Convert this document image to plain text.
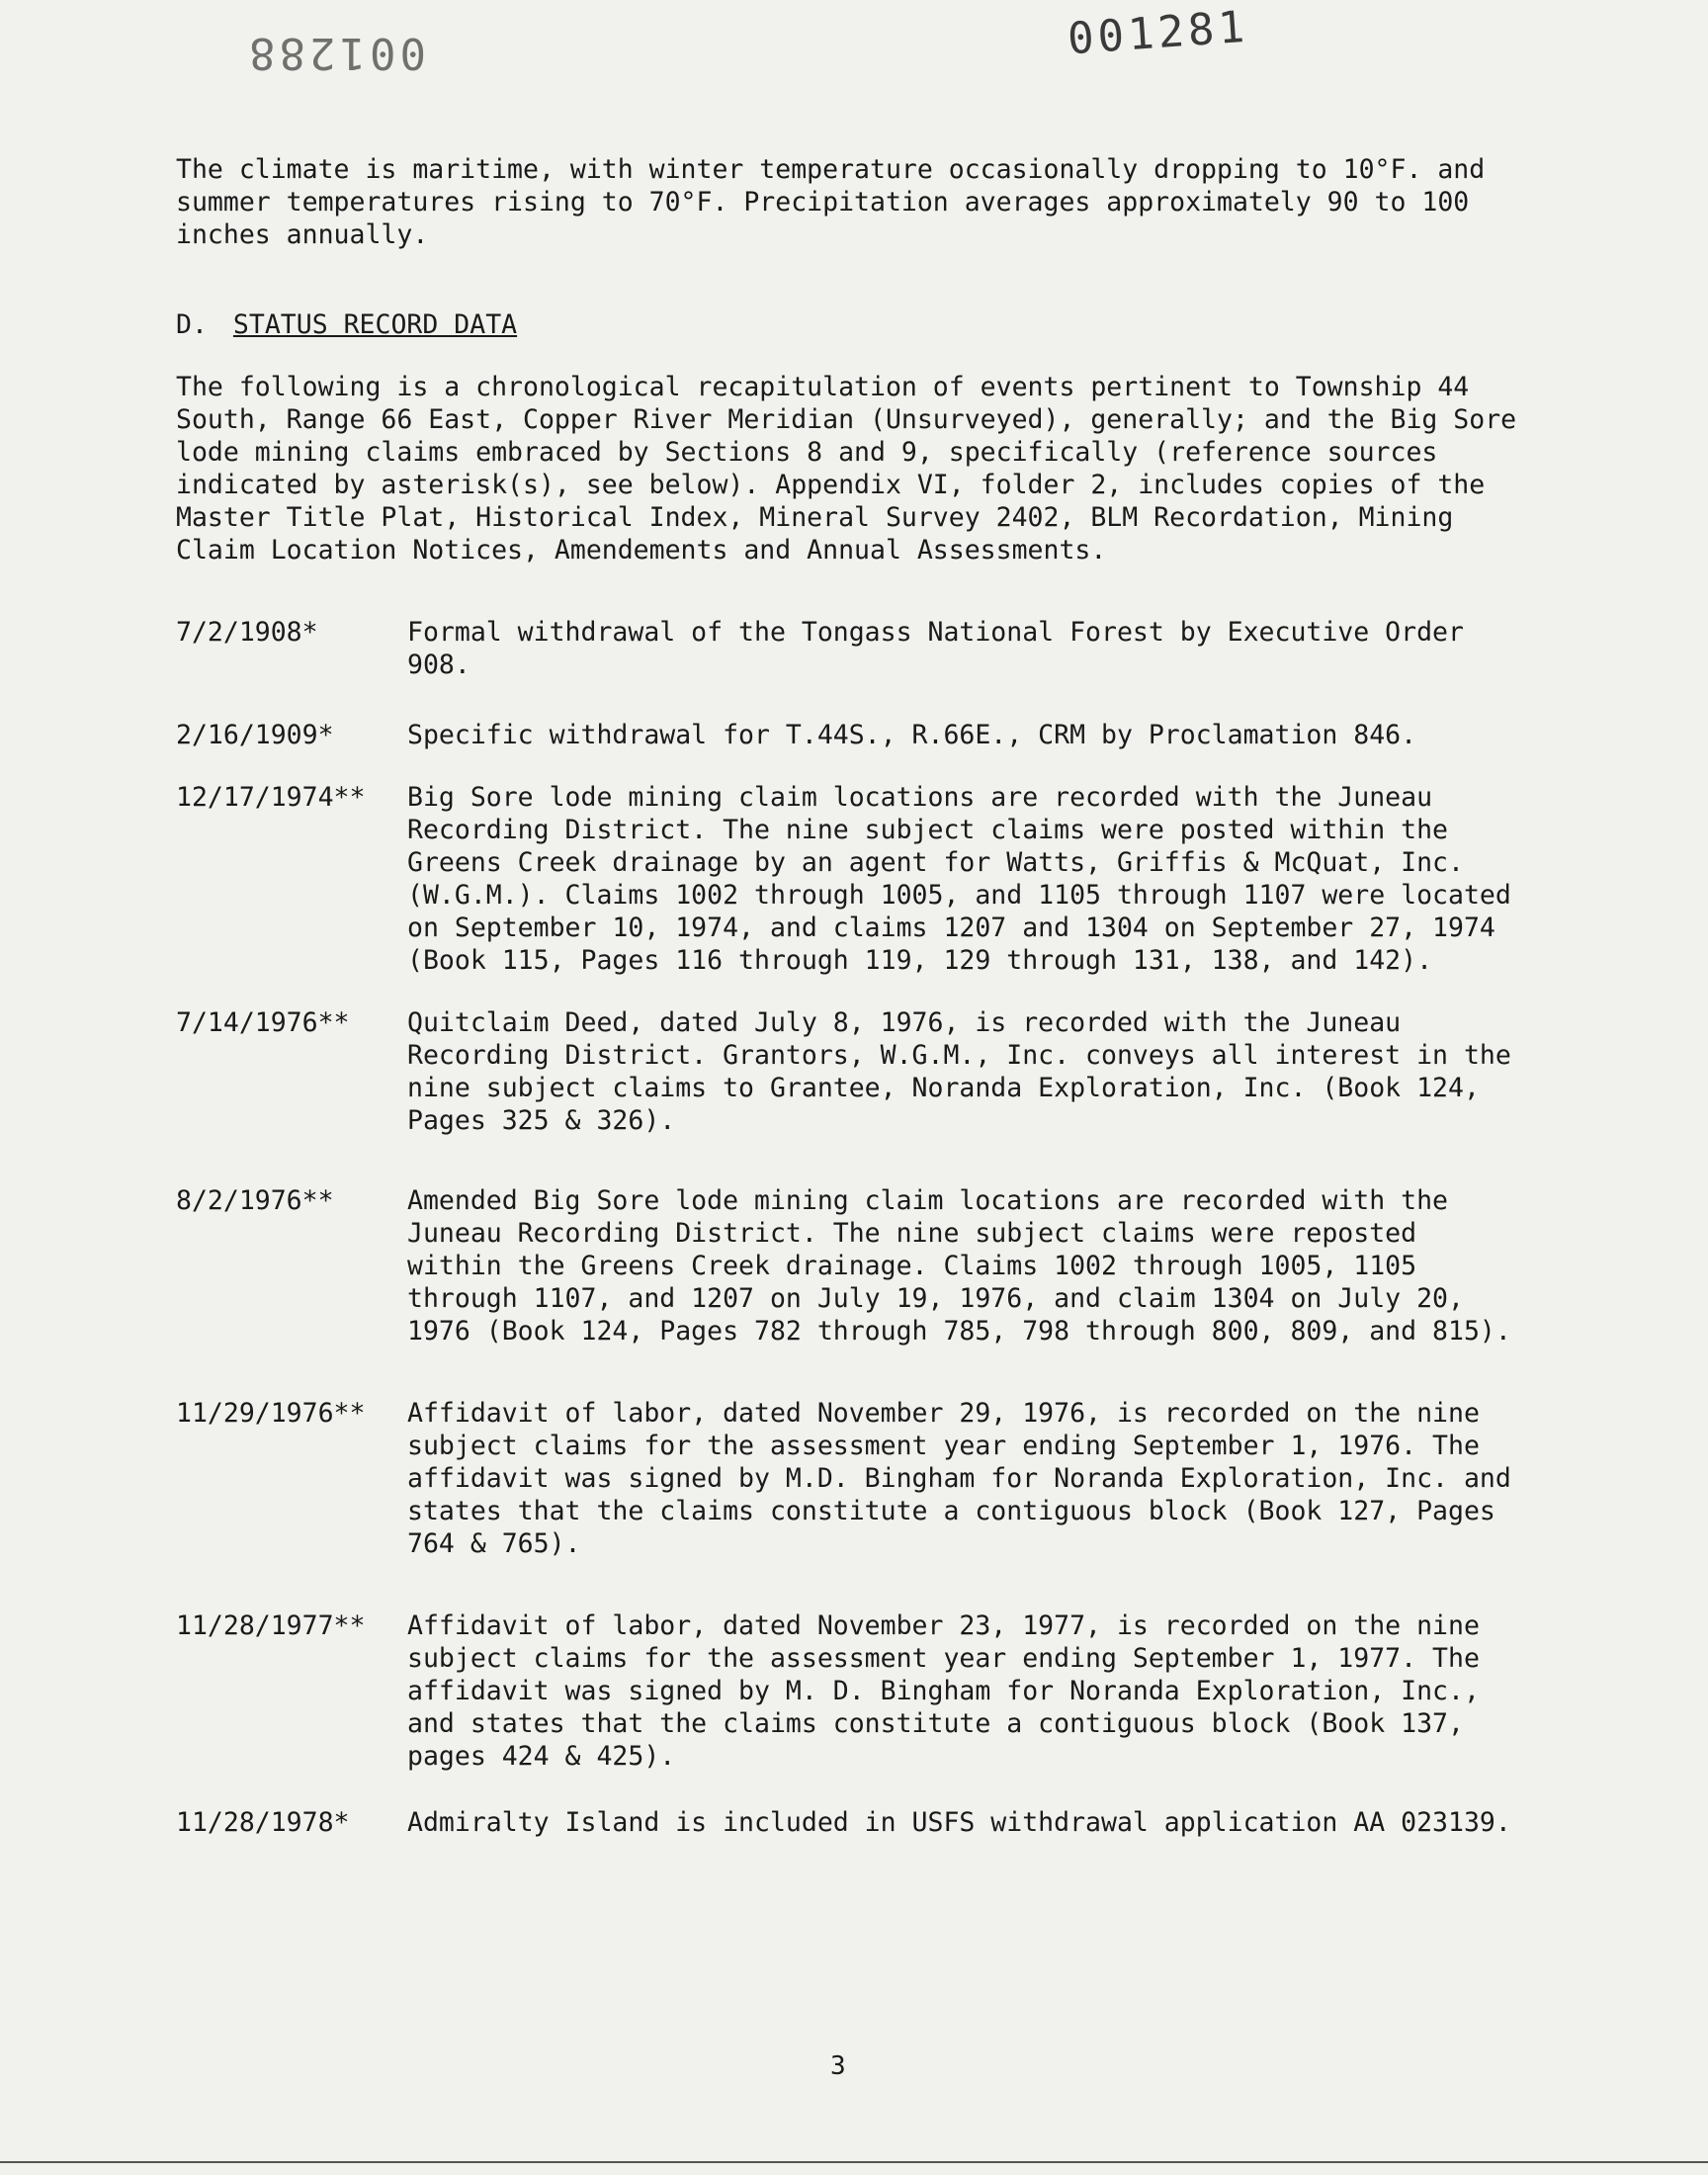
001288	001281

The climate is maritime, with winter temperature occasionally dropping to 10°F. and summer temperatures rising to 70°F. Precipitation averages approximately 90 to 100 inches annually.

D. STATUS RECORD DATA

The following is a chronological recapitulation of events pertinent to Township 44 South, Range 66 East, Copper River Meridian (Unsurveyed), generally; and the Big Sore lode mining claims embraced by Sections 8 and 9, specifically (reference sources indicated by asterisk(s), see below). Appendix VI, folder 2, includes copies of the Master Title Plat, Historical Index, Mineral Survey 2402, BLM Recordation, Mining Claim Location Notices, Amendements and Annual Assessments.

7/2/1908*	Formal withdrawal of the Tongass National Forest by Executive Order 908.
2/16/1909*	Specific withdrawal for T.44S., R.66E., CRM by Proclamation 846.
12/17/1974**	Big Sore lode mining claim locations are recorded with the Juneau Recording District. The nine subject claims were posted within the Greens Creek drainage by an agent for Watts, Griffis & McQuat, Inc. (W.G.M.). Claims 1002 through 1005, and 1105 through 1107 were located on September 10, 1974, and claims 1207 and 1304 on September 27, 1974 (Book 115, Pages 116 through 119, 129 through 131, 138, and 142).
7/14/1976**	Quitclaim Deed, dated July 8, 1976, is recorded with the Juneau Recording District. Grantors, W.G.M., Inc. conveys all interest in the nine subject claims to Grantee, Noranda Exploration, Inc. (Book 124, Pages 325 & 326).
8/2/1976**	Amended Big Sore lode mining claim locations are recorded with the Juneau Recording District. The nine subject claims were reposted within the Greens Creek drainage. Claims 1002 through 1005, 1105 through 1107, and 1207 on July 19, 1976, and claim 1304 on July 20, 1976 (Book 124, Pages 782 through 785, 798 through 800, 809, and 815).
11/29/1976**	Affidavit of labor, dated November 29, 1976, is recorded on the nine subject claims for the assessment year ending September 1, 1976. The affidavit was signed by M.D. Bingham for Noranda Exploration, Inc. and states that the claims constitute a contiguous block (Book 127, Pages 764 & 765).
11/28/1977**	Affidavit of labor, dated November 23, 1977, is recorded on the nine subject claims for the assessment year ending September 1, 1977. The affidavit was signed by M. D. Bingham for Noranda Exploration, Inc., and states that the claims constitute a contiguous block (Book 137, pages 424 & 425).
11/28/1978*	Admiralty Island is included in USFS withdrawal application AA 023139.
3
